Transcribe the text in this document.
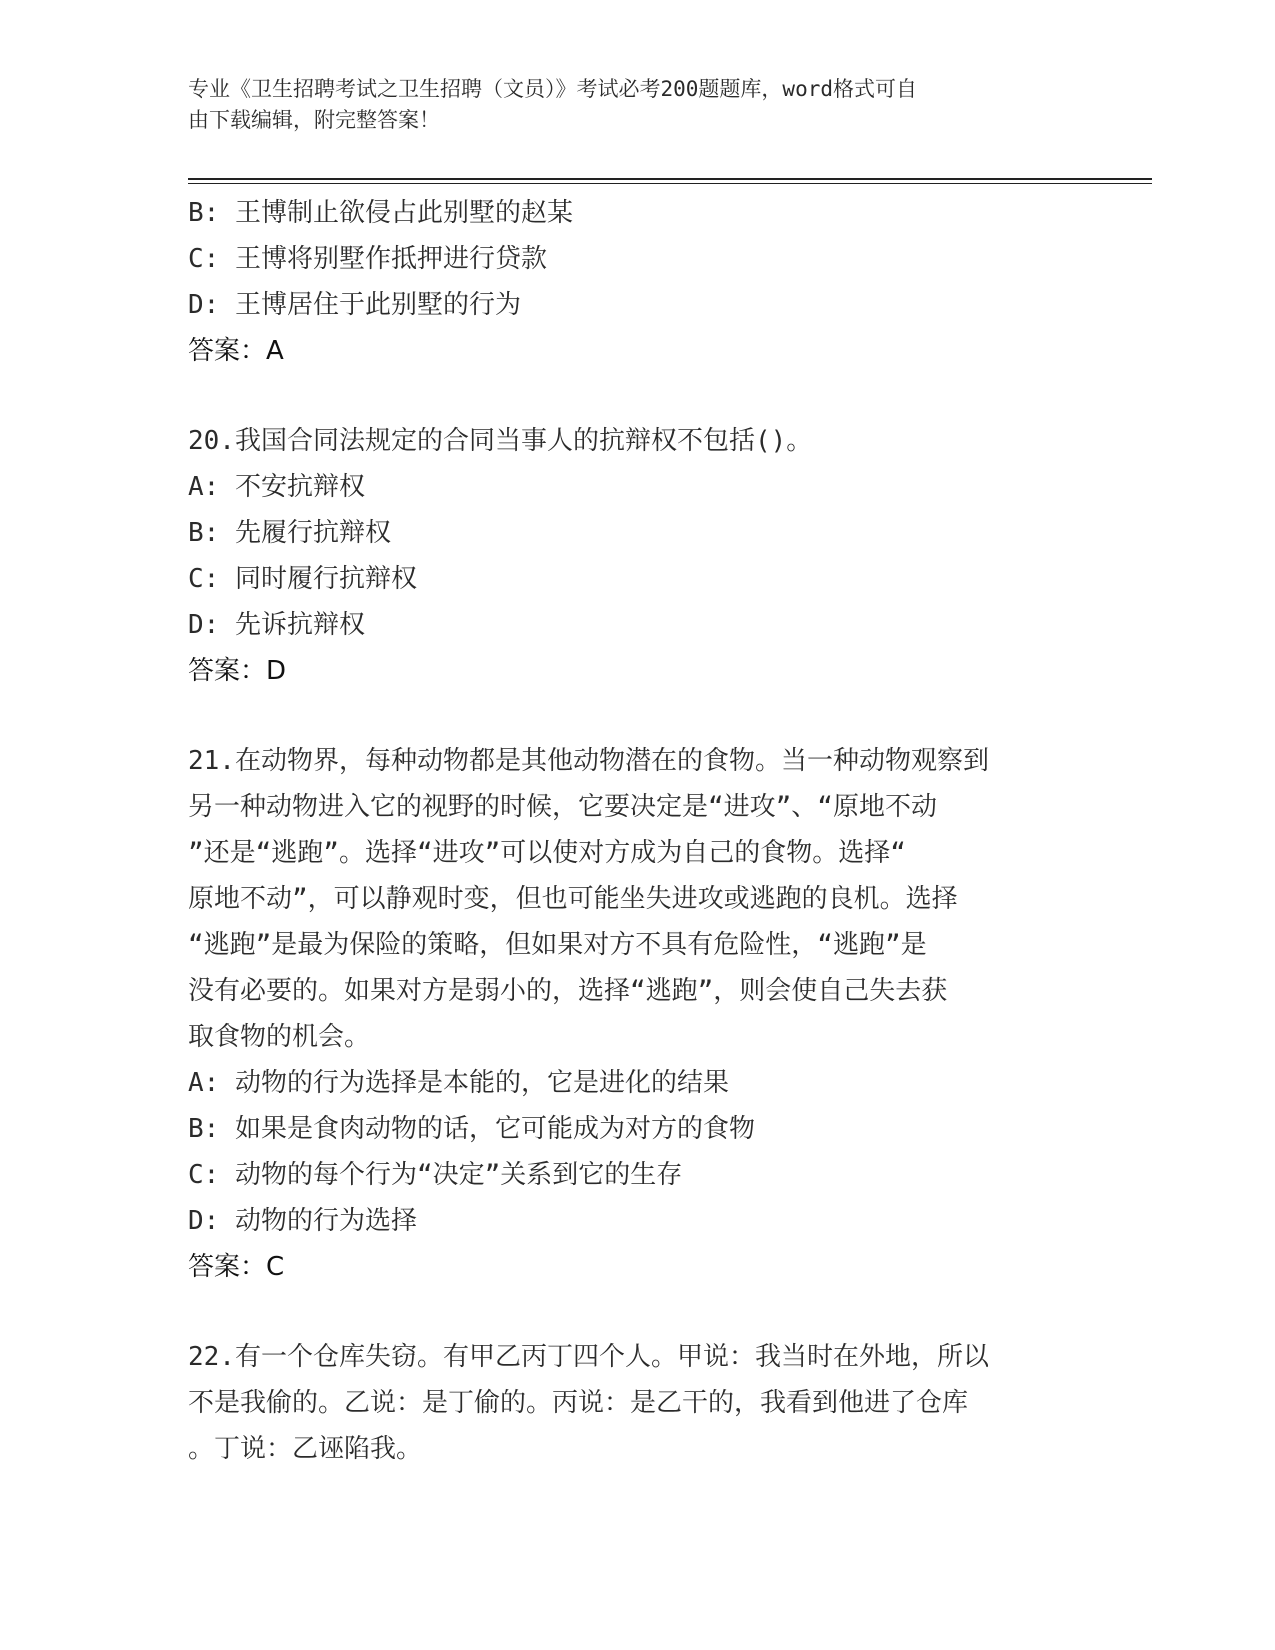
专业《卫生招聘考试之卫生招聘（文员）》考试必考200题题库，word格式可自
由下载编辑，附完整答案！
B: 王博制止欲侵占此别墅的赵某
C: 王博将别墅作抵押进行贷款
D: 王博居住于此别墅的行为
答案：A
20.我国合同法规定的合同当事人的抗辩权不包括()。
A: 不安抗辩权
B: 先履行抗辩权
C: 同时履行抗辩权
D: 先诉抗辩权
答案：D
21.在动物界，每种动物都是其他动物潜在的食物。当一种动物观察到
另一种动物进入它的视野的时候，它要决定是“进攻”、“原地不动
”还是“逃跑”。选择“进攻”可以使对方成为自己的食物。选择“
原地不动”，可以静观时变，但也可能坐失进攻或逃跑的良机。选择
“逃跑”是最为保险的策略，但如果对方不具有危险性，“逃跑”是
没有必要的。如果对方是弱小的，选择“逃跑”，则会使自己失去获
取食物的机会。
A: 动物的行为选择是本能的，它是进化的结果
B: 如果是食肉动物的话，它可能成为对方的食物
C: 动物的每个行为“决定”关系到它的生存
D: 动物的行为选择
答案：C
22.有一个仓库失窃。有甲乙丙丁四个人。甲说：我当时在外地，所以
不是我偷的。乙说：是丁偷的。丙说：是乙干的，我看到他进了仓库
。丁说：乙诬陷我。
